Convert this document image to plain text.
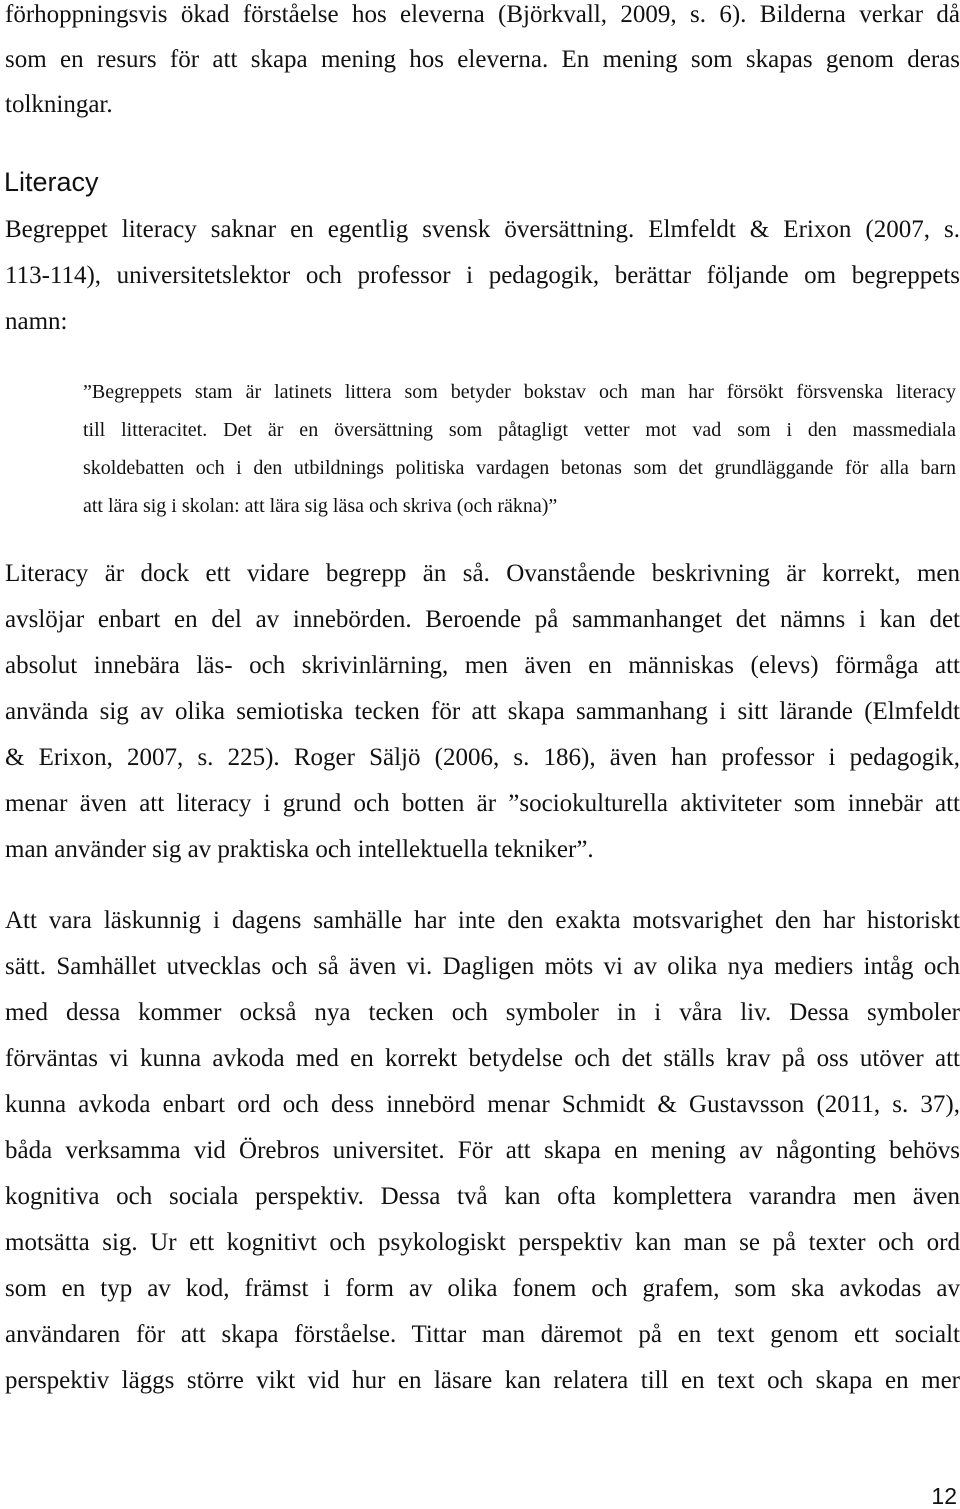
förhoppningsvis ökad förståelse hos eleverna (Björkvall, 2009, s. 6). Bilderna verkar då
som en resurs för att skapa mening hos eleverna. En mening som skapas genom deras
tolkningar.
Literacy
Begreppet literacy saknar en egentlig svensk översättning. Elmfeldt & Erixon (2007, s.
113-114), universitetslektor och professor i pedagogik, berättar följande om begreppets
namn:
”Begreppets stam är latinets littera som betyder bokstav och man har försökt försvenska literacy
till litteracitet. Det är en översättning som påtagligt vetter mot vad som i den massmediala
skoldebatten och i den utbildnings politiska vardagen betonas som det grundläggande för alla barn
att lära sig i skolan: att lära sig läsa och skriva (och räkna)”
Literacy är dock ett vidare begrepp än så. Ovanstående beskrivning är korrekt, men
avslöjar enbart en del av innebörden. Beroende på sammanhanget det nämns i kan det
absolut innebära läs- och skrivinlärning, men även en människas (elevs) förmåga att
använda sig av olika semiotiska tecken för att skapa sammanhang i sitt lärande (Elmfeldt
& Erixon, 2007, s. 225). Roger Säljö (2006, s. 186), även han professor i pedagogik,
menar även att literacy i grund och botten är ”sociokulturella aktiviteter som innebär att
man använder sig av praktiska och intellektuella tekniker”.
Att vara läskunnig i dagens samhälle har inte den exakta motsvarighet den har historiskt
sätt. Samhället utvecklas och så även vi. Dagligen möts vi av olika nya mediers intåg och
med dessa kommer också nya tecken och symboler in i våra liv. Dessa symboler
förväntas vi kunna avkoda med en korrekt betydelse och det ställs krav på oss utöver att
kunna avkoda enbart ord och dess innebörd menar Schmidt & Gustavsson (2011, s. 37),
båda verksamma vid Örebros universitet. För att skapa en mening av någonting behövs
kognitiva och sociala perspektiv. Dessa två kan ofta komplettera varandra men även
motsätta sig. Ur ett kognitivt och psykologiskt perspektiv kan man se på texter och ord
som en typ av kod, främst i form av olika fonem och grafem, som ska avkodas av
användaren för att skapa förståelse. Tittar man däremot på en text genom ett socialt
perspektiv läggs större vikt vid hur en läsare kan relatera till en text och skapa en mer
12
